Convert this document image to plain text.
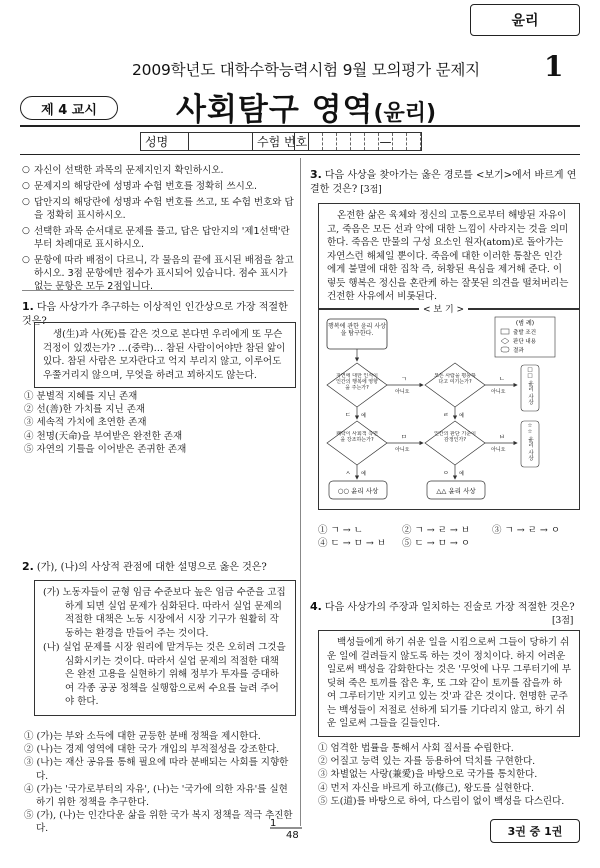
윤리
2009학년도 대학수학능력시험 9월 모의평가 문제지 1
제 4 교시	사회탐구 영역(윤리)
성명	수험 번호	—
○ 자신이 선택한 과목의 문제지인지 확인하시오.
○ 문제지의 해당란에 성명과 수험 번호를 정확히 쓰시오.
○ 답안지의 해당란에 성명과 수험 번호를 쓰고, 또 수험 번호와 답을 정확히 표시하시오.
○ 선택한 과목 순서대로 문제를 풀고, 답은 답안지의 '제1선택'란부터 차례대로 표시하시오.
○ 문항에 따라 배점이 다르니, 각 물음의 끝에 표시된 배점을 참고하시오. 3점 문항에만 점수가 표시되어 있습니다. 점수 표시가 없는 문항은 모두 2점입니다.
1. 다음 사상가가 추구하는 이상적인 인간상으로 가장 적절한 것은?
생(生)과 사(死)를 같은 것으로 본다면 우리에게 또 무슨 걱정이 있겠는가? …(중략)… 참된 사람이어야만 참된 앎이 있다. 참된 사람은 모자란다고 억지 부리지 않고, 이루어도 우쭐거리지 않으며, 무엇을 하려고 꾀하지도 않는다.
① 분별적 지혜를 지닌 존재
② 선(善)한 가치를 지닌 존재
③ 세속적 가치에 초연한 존재
④ 천명(天命)을 부여받은 완전한 존재
⑤ 자연의 기틀을 이어받은 존귀한 존재
2. (가), (나)의 사상적 관점에 대한 설명으로 옳은 것은?

(가) 노동자들이 균형 임금 수준보다 높은 임금 수준을 고집하게 되면 실업 문제가 심화된다. 따라서 실업 문제의 적절한 대책은 노동 시장에서 시장 기구가 원활히 작동하는 환경을 만들어 주는 것이다.

(나) 실업 문제를 시장 원리에 맡겨두는 것은 오히려 그것을 심화시키는 것이다. 따라서 실업 문제의 적절한 대책은 완전 고용을 실현하기 위해 정부가 투자를 증대하여 각종 공공 정책을 실행함으로써 수요를 늘려 주어야 한다.

① (가)는 부와 소득에 대한 균등한 분배 정책을 제시한다.
② (나)는 경제 영역에 대한 국가 개입의 부적절성을 강조한다.
③ (나)는 재산 공유를 통해 필요에 따라 분배되는 사회를 지향한다.
④ (가)는 '국가로부터의 자유', (나)는 '국가에 의한 자유'를 실현하기 위한 정책을 추구한다.
⑤ (가), (나)는 인간다운 삶을 위한 국가 복지 정책을 적극 추진한다.
3. 다음 사상을 찾아가는 옳은 경로를 <보기>에서 바르게 연결한 것은? [3점]
온전한 삶은 육체와 정신의 고통으로부터 해방된 자유이고, 죽음은 모든 선과 악에 대한 느낌이 사라지는 것을 의미한다. 죽음은 만물의 구성 요소인 원자(atom)로 돌아가는 자연스런 해체일 뿐이다. 죽음에 대한 이러한 통찰은 인간에게 불멸에 대한 집착 즉, 허황된 욕심을 제거해 준다. 이렇듯 행복은 정신을 혼란케 하는 잘못된 의견을 떨쳐버리는 건전한 사유에서 비롯된다.
< 보 기 >
행복에 관한 윤리 사상을 탐구한다.
(범 례)
출발 조건
판단 내용
결과
자연에 대한 인식이 인간의 행복에 영향을 주는가?
모든 사람을 평등하다고 여기는가?
ㄱ
아니오
ㄴ
아니오	□□ 윤리 사상
ㄷ 예	ㄹ 예
쾌락이 사회적 측면을 강조하는가?
인간의 판단 기준이 감정인가?
ㅁ
아니오
ㅂ
아니오	☆☆ 윤리 사상
ㅅ 예	ㅇ 예
○○ 윤리 사상	△△ 윤리 사상
① ㄱ → ㄴ	② ㄱ → ㄹ → ㅂ	③ ㄱ → ㄹ → ㅇ
④ ㄷ → ㅁ → ㅂ	⑤ ㄷ → ㅁ → ㅇ
4. 다음 사상가의 주장과 일치하는 진술로 가장 적절한 것은?
[3점]
백성들에게 하기 쉬운 일을 시킴으로써 그들이 당하기 쉬운 일에 걸려들지 않도록 하는 것이 정치이다. 하지 어려운 일로써 백성을 감화한다는 것은 '무엇에 나무 그루터기에 부딪혀 죽은 토끼를 잡은 후, 또 그와 같이 토끼를 잡을까 하여 그루터기만 지키고 있는 것'과 같은 것이다. 현명한 군주는 백성들이 저절로 선하게 되기를 기다리지 않고, 하기 쉬운 일로써 그들을 길들인다.
① 엄격한 법률을 통해서 사회 질서를 수립한다.
② 어질고 능력 있는 자를 등용하여 덕치를 구현한다.
③ 차별없는 사랑(兼愛)을 바탕으로 국가를 통치한다.
④ 먼저 자신을 바르게 하고(修己), 왕도를 실현한다.
⑤ 도(道)를 바탕으로 하여, 다스림이 없이 백성을 다스린다.
1
48	3권 중 1권
